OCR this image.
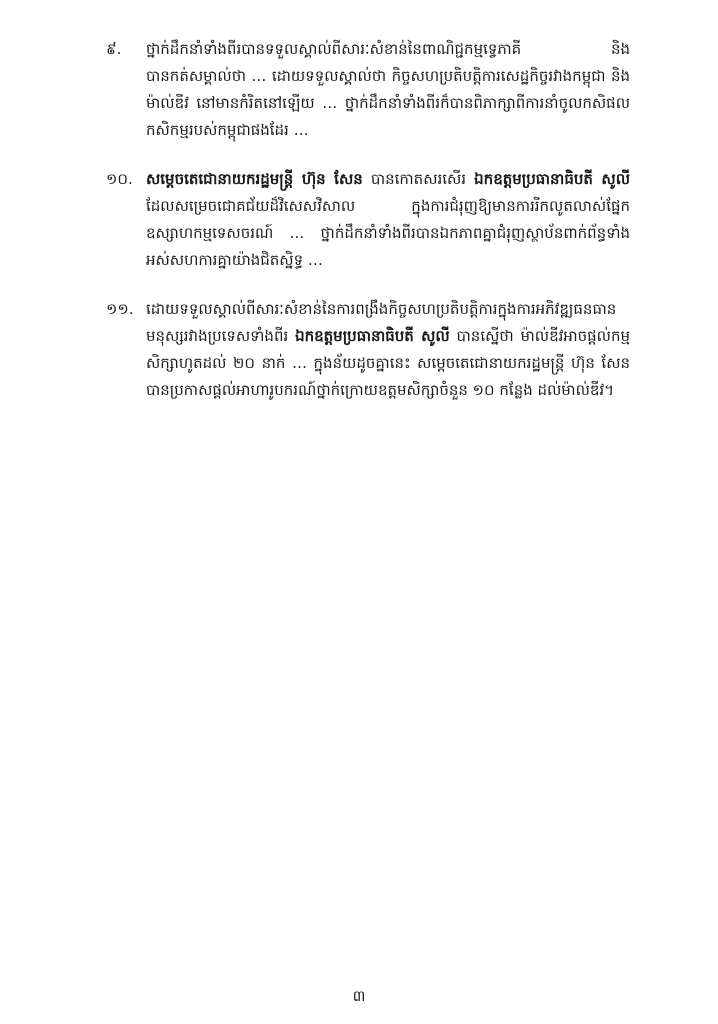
៩.	ថ្នាក់ដឹកនាំទាំងពីរបានទទួលស្គាល់ពីសារៈសំខាន់នៃពាណិជ្ជកម្មទ្វេភាគី និងបានកត់សម្គាល់ថា … ដោយទទួលស្គាល់ថា កិច្ចសហប្រតិបត្តិការសេដ្ឋកិច្ចរវាងកម្ពុជា និងម៉ាល់ឌីវ នៅមានកំរិតនៅឡើយ … ថ្នាក់ដឹកនាំទាំងពីរក៏បានពិភាក្សាពីការនាំចូលកសិផលកសិកម្មរបស់កម្ពុជាផងដែរ …
១០. សម្តេចតេជោនាយករដ្ឋមន្ត្រី ហ៊ុន សែន បានកោតសរសើរ ឯកឧត្តមប្រធានាធិបតី សូលី ដែលសម្រេចជោគជ័យដ៏វិសេសវិសាល ក្នុងការជំរុញឱ្យមានការរីកលូតលាស់ផ្នែកឧស្សាហកម្មទេសចរណ៍ … ថ្នាក់ដឹកនាំទាំងពីរបានឯកភាពគ្នាជំរុញស្ថាប័នពាក់ព័ន្ធទាំងអស់សហការគ្នាយ៉ាងជិតស្និទ្ធ …
១១. ដោយទទួលស្គាល់ពីសារៈសំខាន់នៃការពង្រឹងកិច្ចសហប្រតិបត្តិការក្នុងការអភិវឌ្ឍធនធានមនុស្សរវាងប្រទេសទាំងពីរ ឯកឧត្តមប្រធានាធិបតី សូលី បានស្នើថា ម៉ាល់ឌីវអាចផ្តល់កម្មសិក្សាហូតដល់ ២០ នាក់ … ក្នុងន័យដូចគ្នានេះ សម្តេចតេជោនាយករដ្ឋមន្ត្រី ហ៊ុន សែន បានប្រកាសផ្តល់អាហារូបករណ៍ថ្នាក់ក្រោយឧត្តមសិក្សាចំនួន ១០ កន្លែង ដល់ម៉ាល់ឌីវ។
៣
